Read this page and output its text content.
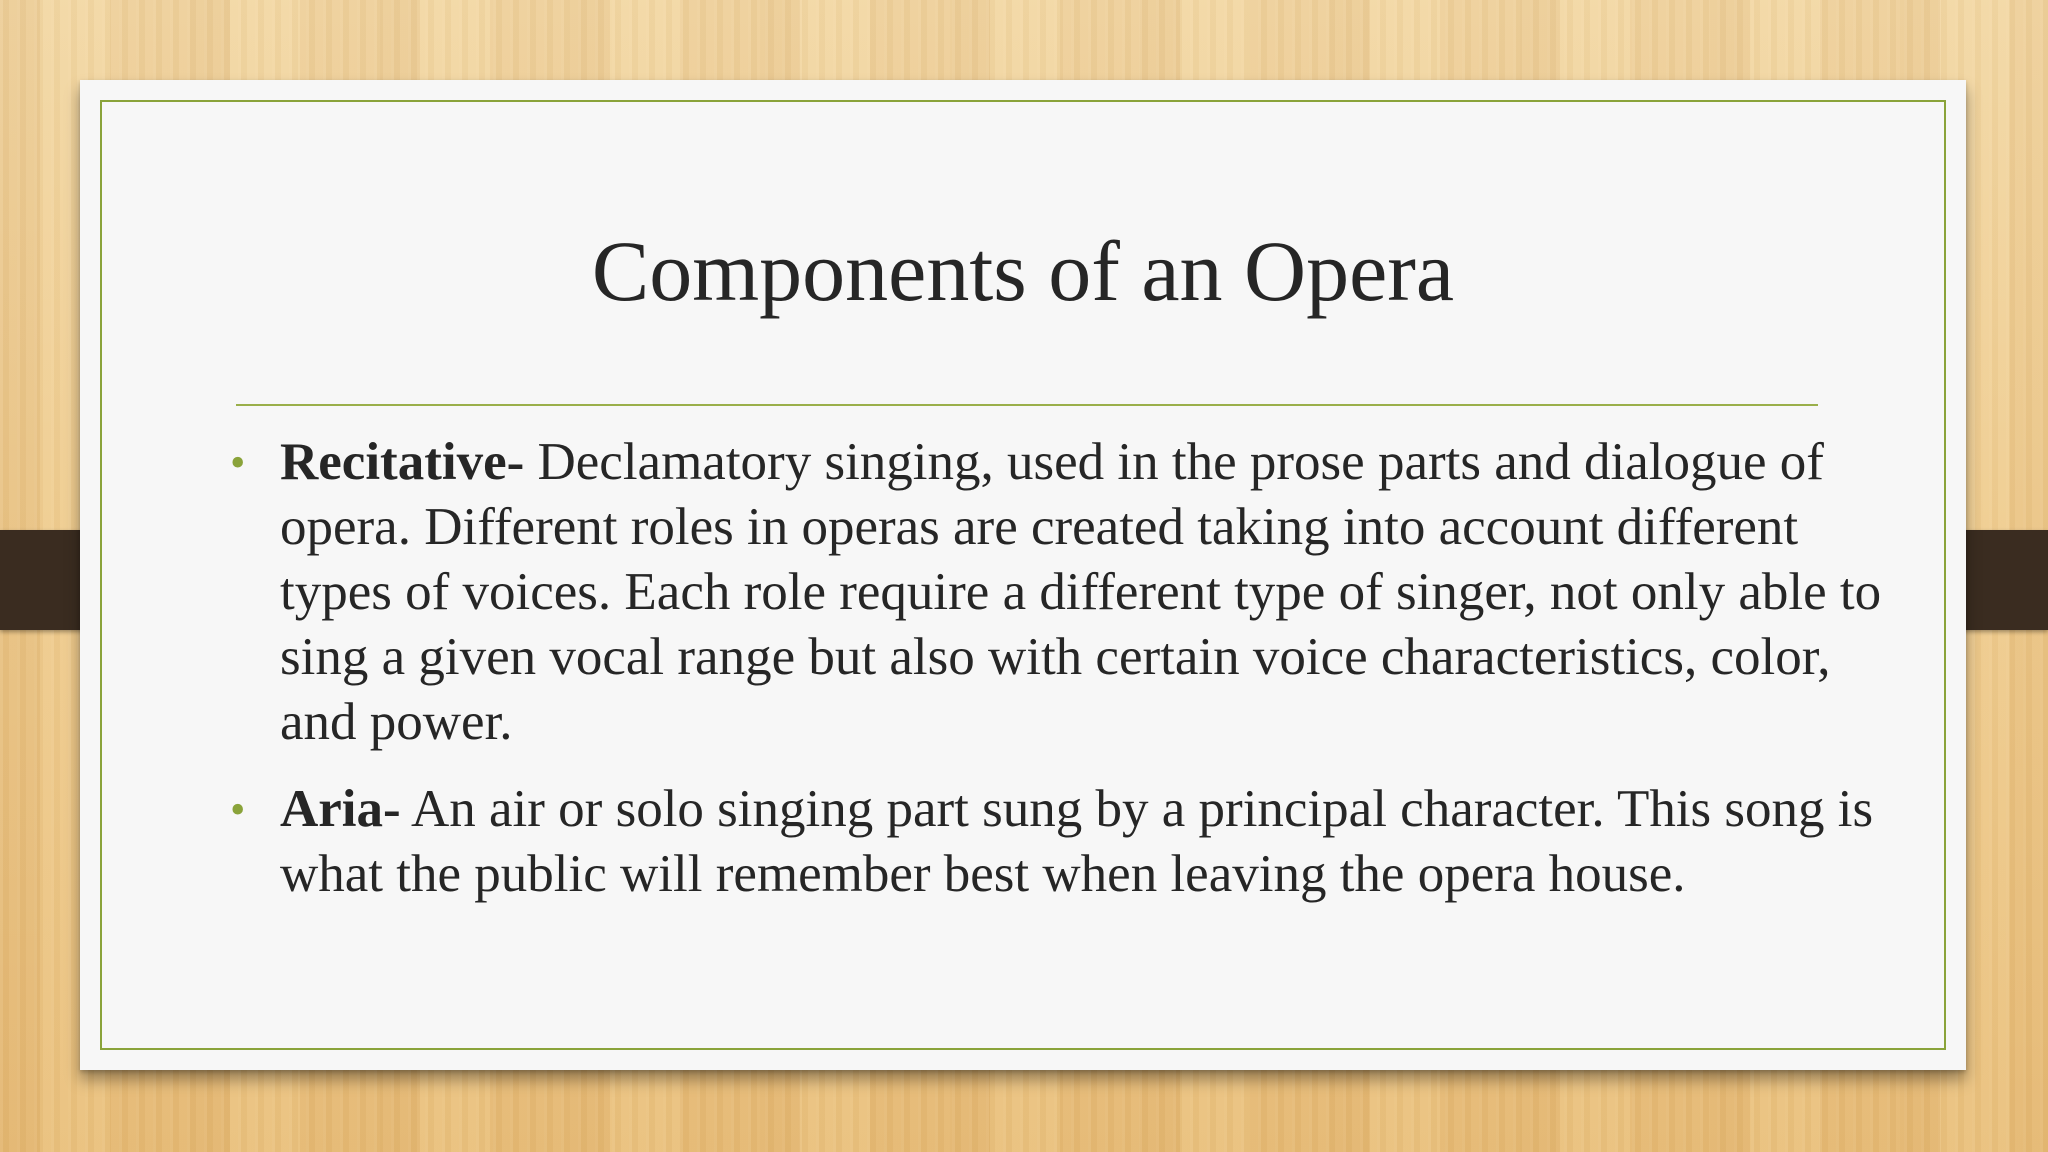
Components of an Opera
• Recitative- Declamatory singing, used in the prose parts and dialogue of opera. Different roles in operas are created taking into account different types of voices. Each role require a different type of singer, not only able to sing a given vocal range but also with certain voice characteristics, color, and power.
• Aria- An air or solo singing part sung by a principal character. This song is what the public will remember best when leaving the opera house.
